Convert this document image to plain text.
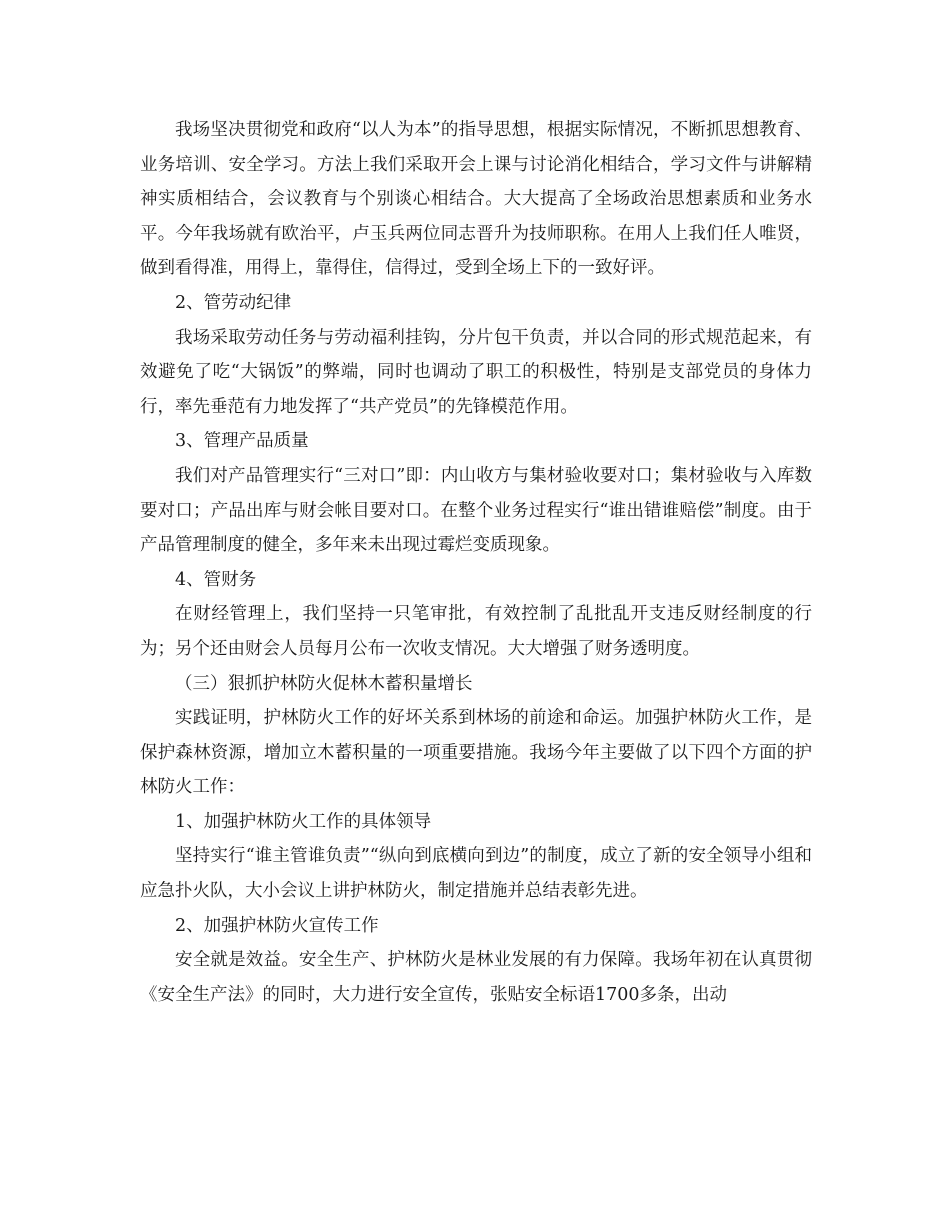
我场坚决贯彻党和政府“以人为本”的指导思想，根据实际情况，不断抓思想教育、业务培训、安全学习。方法上我们采取开会上课与讨论消化相结合，学习文件与讲解精神实质相结合，会议教育与个别谈心相结合。大大提高了全场政治思想素质和业务水平。今年我场就有欧治平，卢玉兵两位同志晋升为技师职称。在用人上我们任人唯贤，做到看得准，用得上，靠得住，信得过，受到全场上下的一致好评。

2、管劳动纪律

我场采取劳动任务与劳动福利挂钩，分片包干负责，并以合同的形式规范起来，有效避免了吃“大锅饭”的弊端，同时也调动了职工的积极性，特别是支部党员的身体力行，率先垂范有力地发挥了“共产党员”的先锋模范作用。

3、管理产品质量

我们对产品管理实行“三对口”即：内山收方与集材验收要对口；集材验收与入库数要对口；产品出库与财会帐目要对口。在整个业务过程实行“谁出错谁赔偿”制度。由于产品管理制度的健全，多年来未出现过霉烂变质现象。

4、管财务

在财经管理上，我们坚持一只笔审批，有效控制了乱批乱开支违反财经制度的行为；另个还由财会人员每月公布一次收支情况。大大增强了财务透明度。

（三）狠抓护林防火促林木蓄积量增长

实践证明，护林防火工作的好坏关系到林场的前途和命运。加强护林防火工作，是保护森林资源，增加立木蓄积量的一项重要措施。我场今年主要做了以下四个方面的护林防火工作：

1、加强护林防火工作的具体领导

坚持实行“谁主管谁负责”“纵向到底横向到边”的制度，成立了新的安全领导小组和应急扑火队，大小会议上讲护林防火，制定措施并总结表彰先进。

2、加强护林防火宣传工作

安全就是效益。安全生产、护林防火是林业发展的有力保障。我场年初在认真贯彻《安全生产法》的同时，大力进行安全宣传，张贴安全标语1700多条，出动
